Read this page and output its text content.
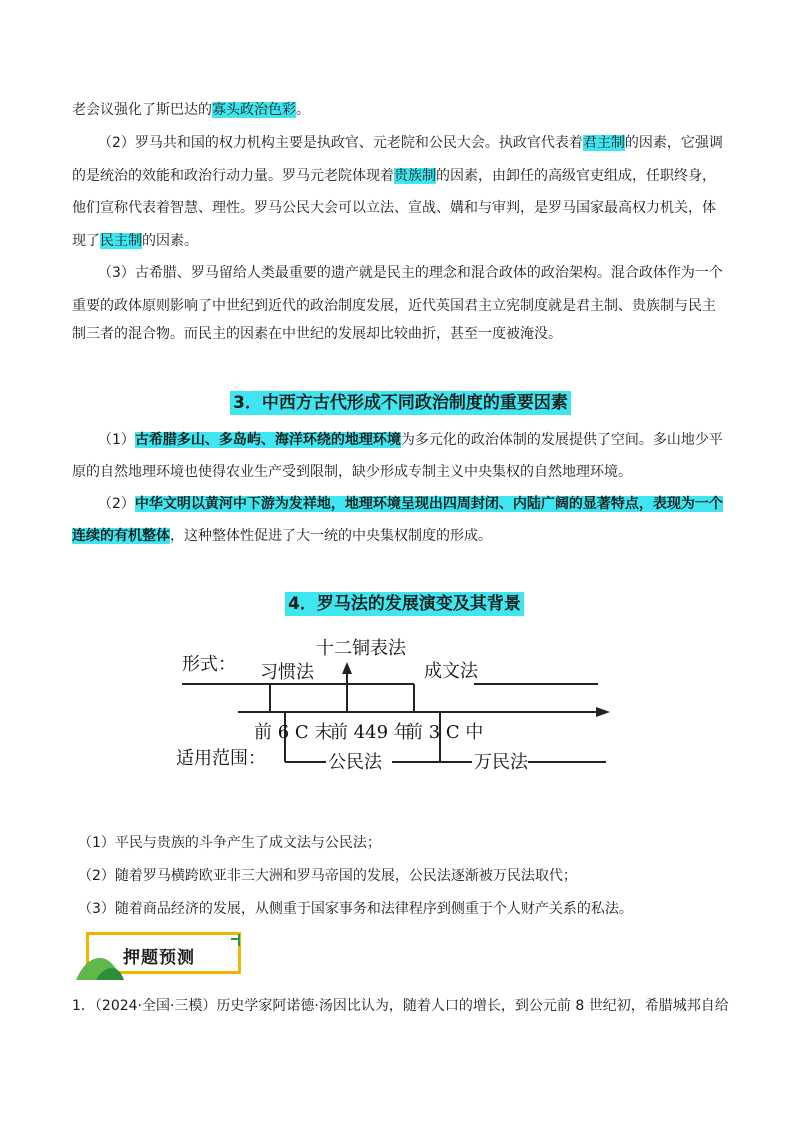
老会议强化了斯巴达的寡头政治色彩。
（2）罗马共和国的权力机构主要是执政官、元老院和公民大会。执政官代表着君主制的因素，它强调
的是统治的效能和政治行动力量。罗马元老院体现着贵族制的因素，由卸任的高级官吏组成，任职终身，
他们宣称代表着智慧、理性。罗马公民大会可以立法、宣战、媾和与审判，是罗马国家最高权力机关，体
现了民主制的因素。
（3）古希腊、罗马留给人类最重要的遗产就是民主的理念和混合政体的政治架构。混合政体作为一个
重要的政体原则影响了中世纪到近代的政治制度发展，近代英国君主立宪制度就是君主制、贵族制与民主
制三者的混合物。而民主的因素在中世纪的发展却比较曲折，甚至一度被淹没。
3．中西方古代形成不同政治制度的重要因素
（1）古希腊多山、多岛屿、海洋环绕的地理环境为多元化的政治体制的发展提供了空间。多山地少平
原的自然地理环境也使得农业生产受到限制，缺少形成专制主义中央集权的自然地理环境。
（2）中华文明以黄河中下游为发祥地，地理环境呈现出四周封闭、内陆广阔的显著特点，表现为一个
连续的有机整体，这种整体性促进了大一统的中央集权制度的形成。
4．罗马法的发展演变及其背景
形式： 习惯法
十二铜表法
成文法
前 6 C 末
前 449 年
前 3 C 中
适用范围：	公民法	万民法
（1）平民与贵族的斗争产生了成文法与公民法；
（2）随着罗马横跨欧亚非三大洲和罗马帝国的发展，公民法逐渐被万民法取代；
（3）随着商品经济的发展，从侧重于国家事务和法律程序到侧重于个人财产关系的私法。
押题预测
1．（2024·全国·三模）历史学家阿诺德·汤因比认为，随着人口的增长，到公元前 8 世纪初，希腊城邦自给
